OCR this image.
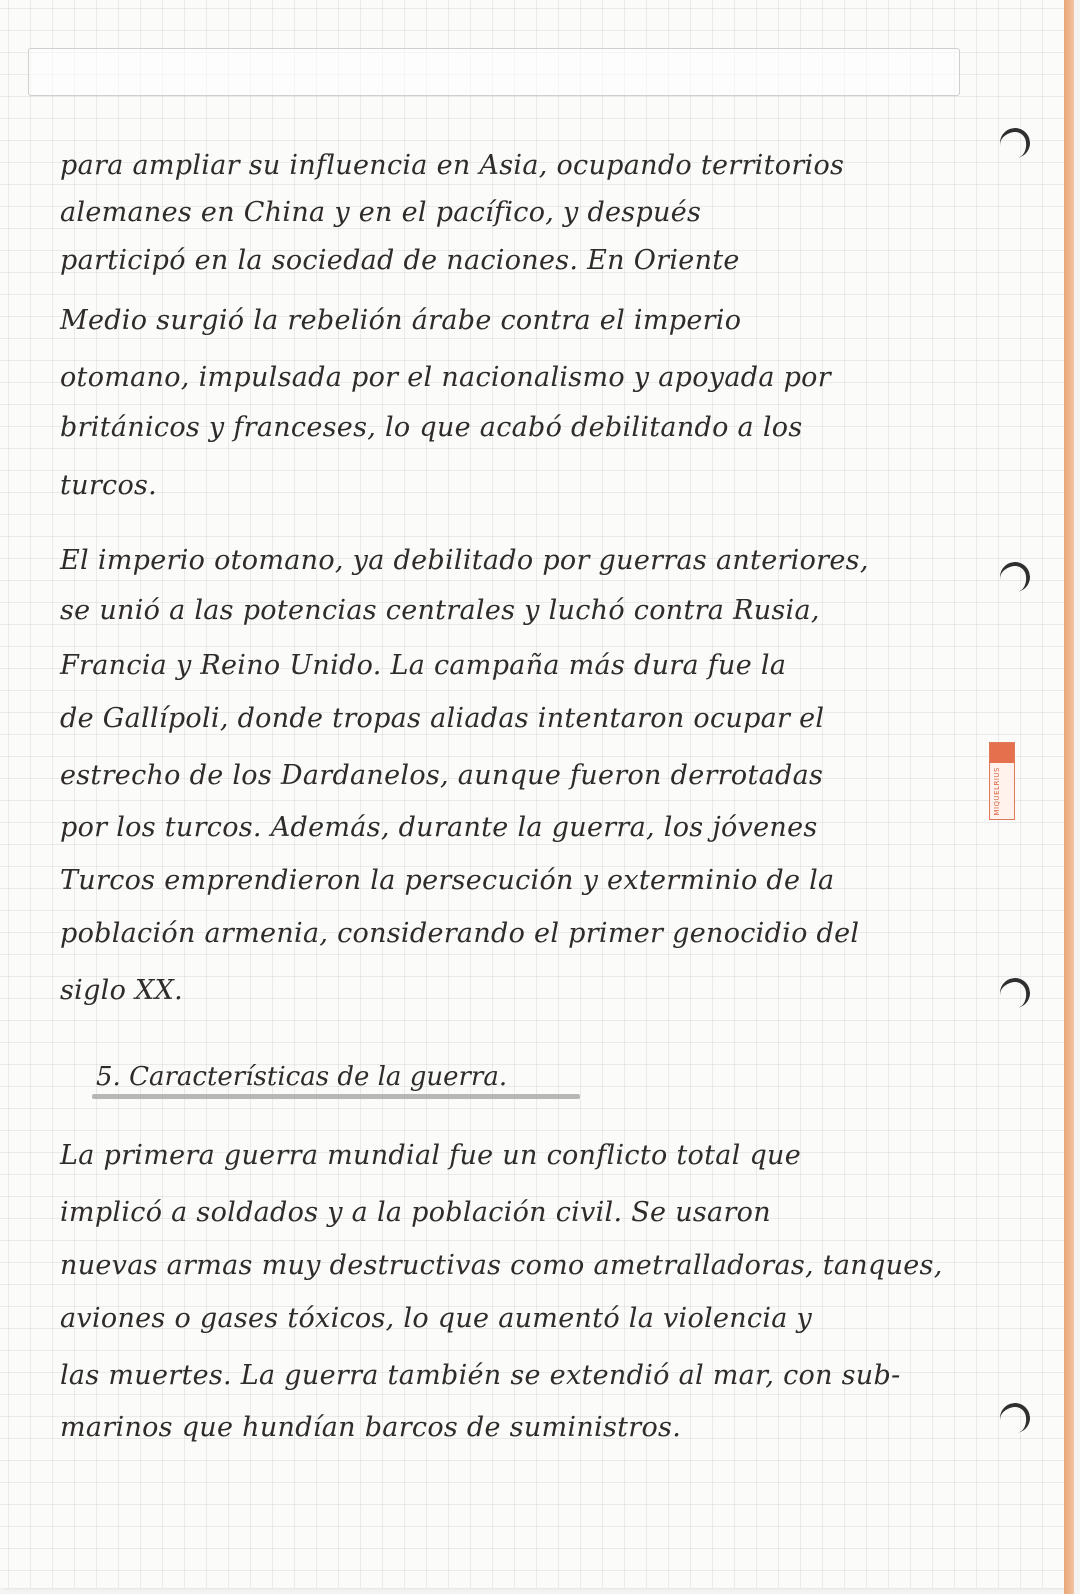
MIQUELRIUS

para ampliar su influencia en Asia, ocupando territorios

alemanes en China y en el pacífico, y después

participó en la sociedad de naciones. En Oriente

Medio surgió la rebelión árabe contra el imperio

otomano, impulsada por el nacionalismo y apoyada por

británicos y franceses, lo que acabó debilitando a los

turcos.

El imperio otomano, ya debilitado por guerras anteriores,

se unió a las potencias centrales y luchó contra Rusia,

Francia y Reino Unido. La campaña más dura fue la

de Gallípoli, donde tropas aliadas intentaron ocupar el

estrecho de los Dardanelos, aunque fueron derrotadas

por los turcos. Además, durante la guerra, los jóvenes

Turcos emprendieron la persecución y exterminio de la

población armenia, considerando el primer genocidio del

siglo XX.

5. Características de la guerra.

La primera guerra mundial fue un conflicto total que

implicó a soldados y a la población civil. Se usaron

nuevas armas muy destructivas como ametralladoras, tanques,

aviones o gases tóxicos, lo que aumentó la violencia y

las muertes. La guerra también se extendió al mar, con sub-

marinos que hundían barcos de suministros.
